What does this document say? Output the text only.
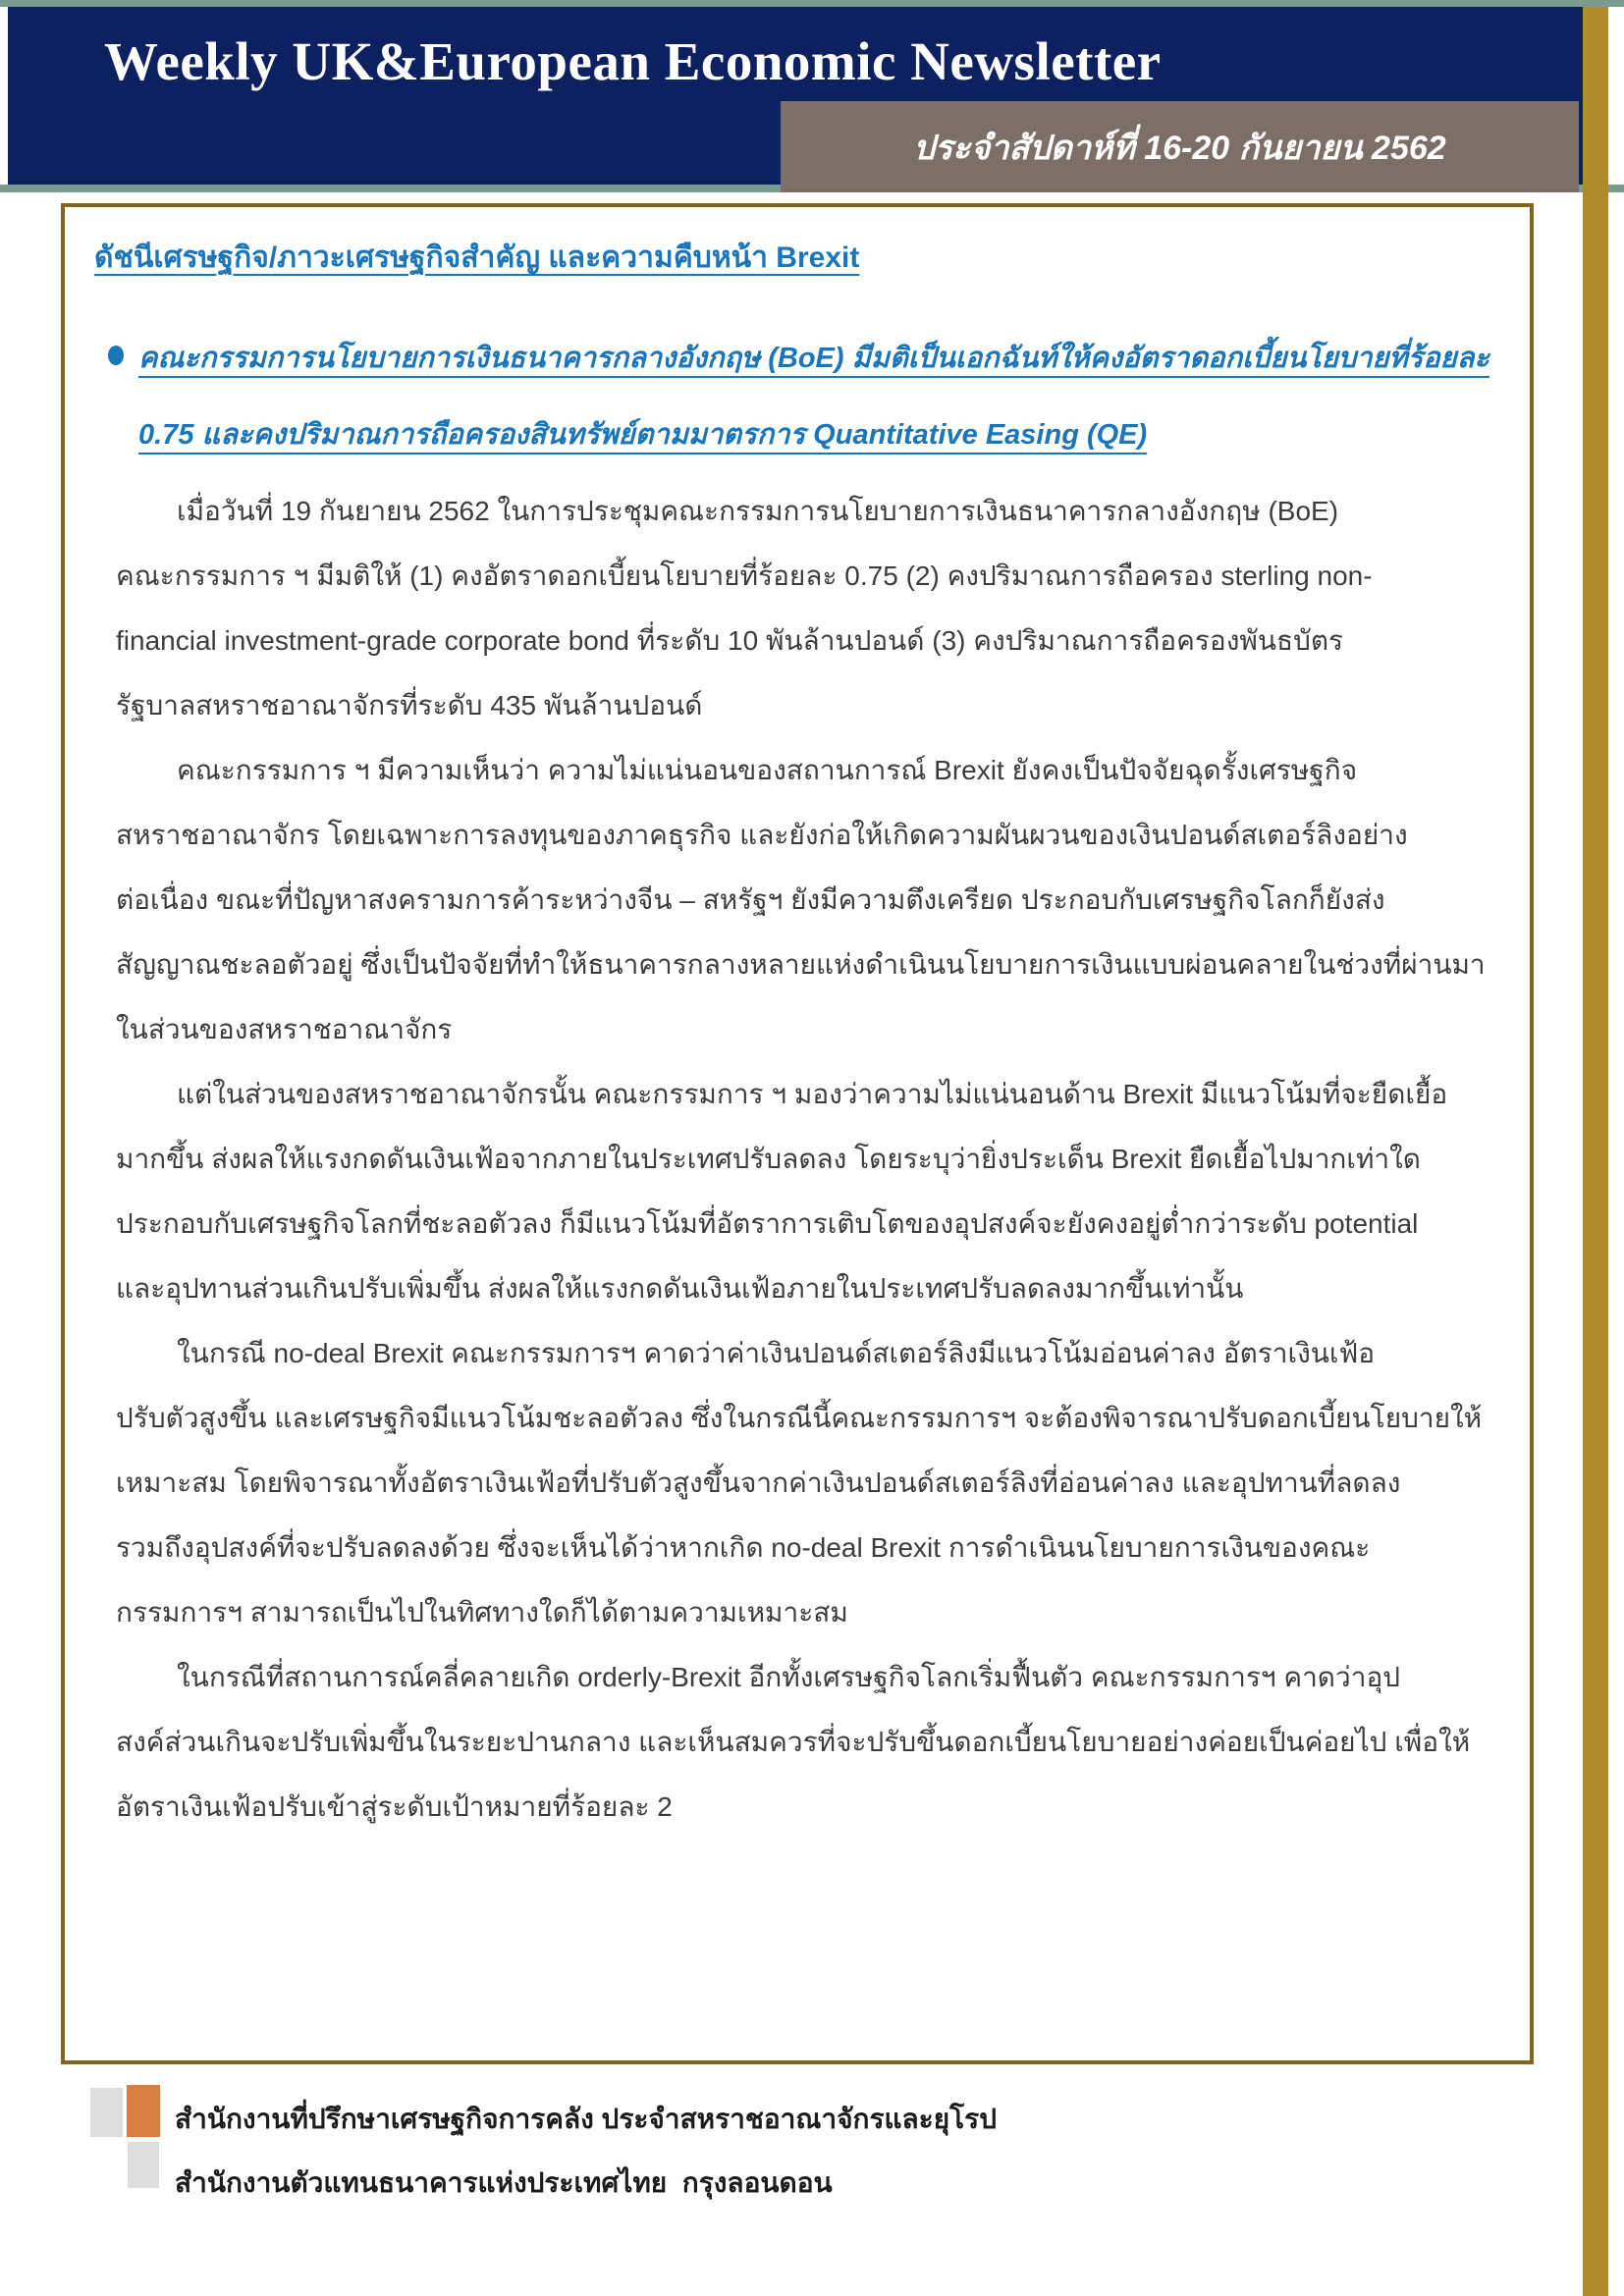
Weekly UK&European Economic Newsletter
ประจำสัปดาห์ที่ 16-20 กันยายน 2562
ดัชนีเศรษฐกิจ/ภาวะเศรษฐกิจสำคัญ และความคืบหน้า Brexit
คณะกรรมการนโยบายการเงินธนาคารกลางอังกฤษ (BoE) มีมติเป็นเอกฉันท์ให้คงอัตราดอกเบี้ยนโยบายที่ร้อยละ
0.75 และคงปริมาณการถือครองสินทรัพย์ตามมาตรการ Quantitative Easing (QE)
เมื่อวันที่ 19 กันยายน 2562 ในการประชุมคณะกรรมการนโยบายการเงินธนาคารกลางอังกฤษ (BoE)
คณะกรรมการ ฯ มีมติให้ (1) คงอัตราดอกเบี้ยนโยบายที่ร้อยละ 0.75 (2) คงปริมาณการถือครอง sterling non-
financial investment-grade corporate bond ที่ระดับ 10 พันล้านปอนด์ (3) คงปริมาณการถือครองพันธบัตร
รัฐบาลสหราชอาณาจักรที่ระดับ 435 พันล้านปอนด์
คณะกรรมการ ฯ มีความเห็นว่า ความไม่แน่นอนของสถานการณ์ Brexit ยังคงเป็นปัจจัยฉุดรั้งเศรษฐกิจ
สหราชอาณาจักร โดยเฉพาะการลงทุนของภาคธุรกิจ และยังก่อให้เกิดความผันผวนของเงินปอนด์สเตอร์ลิงอย่าง
ต่อเนื่อง ขณะที่ปัญหาสงครามการค้าระหว่างจีน – สหรัฐฯ ยังมีความตึงเครียด ประกอบกับเศรษฐกิจโลกก็ยังส่ง
สัญญาณชะลอตัวอยู่ ซึ่งเป็นปัจจัยที่ทำให้ธนาคารกลางหลายแห่งดำเนินนโยบายการเงินแบบผ่อนคลายในช่วงที่ผ่านมา
ในส่วนของสหราชอาณาจักร
แต่ในส่วนของสหราชอาณาจักรนั้น คณะกรรมการ ฯ มองว่าความไม่แน่นอนด้าน Brexit มีแนวโน้มที่จะยืดเยื้อ
มากขึ้น ส่งผลให้แรงกดดันเงินเฟ้อจากภายในประเทศปรับลดลง โดยระบุว่ายิ่งประเด็น Brexit ยืดเยื้อไปมากเท่าใด
ประกอบกับเศรษฐกิจโลกที่ชะลอตัวลง ก็มีแนวโน้มที่อัตราการเติบโตของอุปสงค์จะยังคงอยู่ต่ำกว่าระดับ potential
และอุปทานส่วนเกินปรับเพิ่มขึ้น ส่งผลให้แรงกดดันเงินเฟ้อภายในประเทศปรับลดลงมากขึ้นเท่านั้น
ในกรณี no-deal Brexit คณะกรรมการฯ คาดว่าค่าเงินปอนด์สเตอร์ลิงมีแนวโน้มอ่อนค่าลง อัตราเงินเฟ้อ
ปรับตัวสูงขึ้น และเศรษฐกิจมีแนวโน้มชะลอตัวลง ซึ่งในกรณีนี้คณะกรรมการฯ จะต้องพิจารณาปรับดอกเบี้ยนโยบายให้
เหมาะสม โดยพิจารณาทั้งอัตราเงินเฟ้อที่ปรับตัวสูงขึ้นจากค่าเงินปอนด์สเตอร์ลิงที่อ่อนค่าลง และอุปทานที่ลดลง
รวมถึงอุปสงค์ที่จะปรับลดลงด้วย ซึ่งจะเห็นได้ว่าหากเกิด no-deal Brexit การดำเนินนโยบายการเงินของคณะ
กรรมการฯ สามารถเป็นไปในทิศทางใดก็ได้ตามความเหมาะสม
ในกรณีที่สถานการณ์คลี่คลายเกิด orderly-Brexit อีกทั้งเศรษฐกิจโลกเริ่มฟื้นตัว คณะกรรมการฯ คาดว่าอุป
สงค์ส่วนเกินจะปรับเพิ่มขึ้นในระยะปานกลาง และเห็นสมควรที่จะปรับขึ้นดอกเบี้ยนโยบายอย่างค่อยเป็นค่อยไป เพื่อให้
อัตราเงินเฟ้อปรับเข้าสู่ระดับเป้าหมายที่ร้อยละ 2
สำนักงานที่ปรึกษาเศรษฐกิจการคลัง ประจำสหราชอาณาจักรและยุโรป
สำนักงานตัวแทนธนาคารแห่งประเทศไทย  กรุงลอนดอน
